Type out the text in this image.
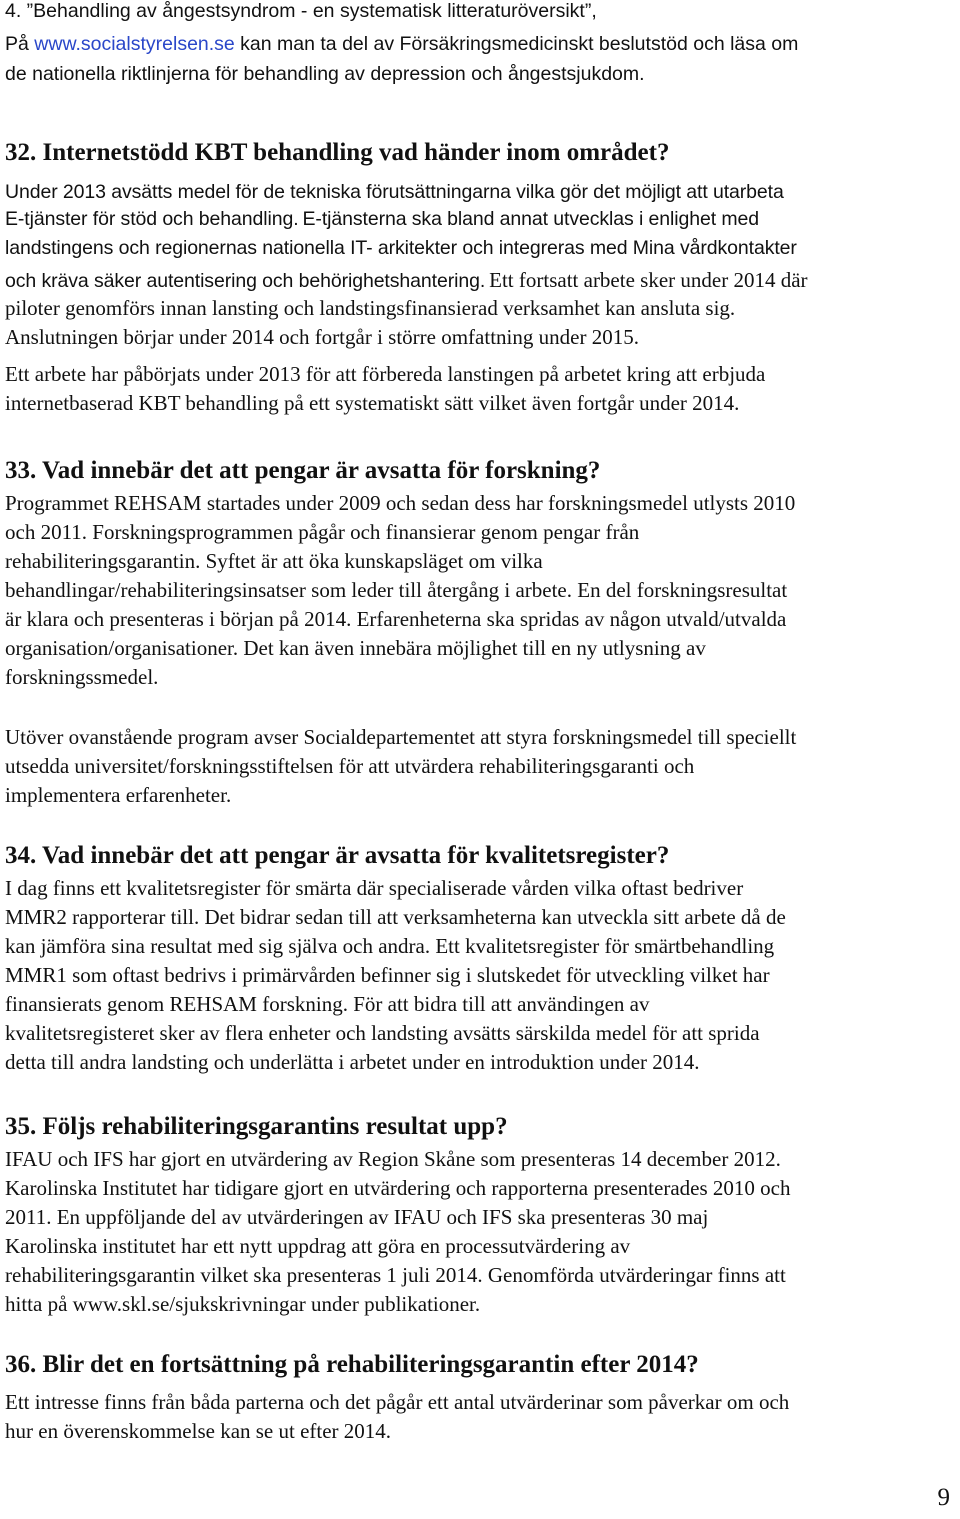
4. ”Behandling av ångestsyndrom - en systematisk litteraturöversikt”,
På www.socialstyrelsen.se kan man ta del av Försäkringsmedicinskt beslutstöd och läsa om
de nationella riktlinjerna för behandling av depression och ångestsjukdom.
32. Internetstödd KBT behandling vad händer inom området?
Under 2013 avsätts medel för de tekniska förutsättningarna vilka gör det möjligt att utarbeta
E-tjänster för stöd och behandling. E-tjänsterna ska bland annat utvecklas i enlighet med
landstingens och regionernas nationella IT- arkitekter och integreras med Mina vårdkontakter
och kräva säker autentisering och behörighetshantering. Ett fortsatt arbete sker under 2014 där
piloter genomförs innan lansting och landstingsfinansierad verksamhet kan ansluta sig.
Anslutningen börjar under 2014 och fortgår i större omfattning under 2015.
Ett arbete har påbörjats under 2013 för att förbereda lanstingen på arbetet kring att erbjuda
internetbaserad KBT behandling på ett systematiskt sätt vilket även fortgår under 2014.
33. Vad innebär det att pengar är avsatta för forskning?
Programmet REHSAM startades under 2009 och sedan dess har forskningsmedel utlysts 2010
och 2011. Forskningsprogrammen pågår och finansierar genom pengar från
rehabiliteringsgarantin. Syftet är att öka kunskapsläget om vilka
behandlingar/rehabiliteringsinsatser som leder till återgång i arbete. En del forskningsresultat
är klara och presenteras i början på 2014. Erfarenheterna ska spridas av någon utvald/utvalda
organisation/organisationer. Det kan även innebära möjlighet till en ny utlysning av
forskningssmedel.
Utöver ovanstående program avser Socialdepartementet att styra forskningsmedel till speciellt
utsedda universitet/forskningsstiftelsen för att utvärdera rehabiliteringsgaranti och
implementera erfarenheter.
34. Vad innebär det att pengar är avsatta för kvalitetsregister?
I dag finns ett kvalitetsregister för smärta där specialiserade vården vilka oftast bedriver
MMR2 rapporterar till. Det bidrar sedan till att verksamheterna kan utveckla sitt arbete då de
kan jämföra sina resultat med sig själva och andra. Ett kvalitetsregister för smärtbehandling
MMR1 som oftast bedrivs i primärvården befinner sig i slutskedet för utveckling vilket har
finansierats genom REHSAM forskning. För att bidra till att användingen av
kvalitetsregisteret sker av flera enheter och landsting avsätts särskilda medel för att sprida
detta till andra landsting och underlätta i arbetet under en introduktion under 2014.
35. Följs rehabiliteringsgarantins resultat upp?
IFAU och IFS har gjort en utvärdering av Region Skåne som presenteras 14 december 2012.
Karolinska Institutet har tidigare gjort en utvärdering och rapporterna presenterades 2010 och
2011. En uppföljande del av utvärderingen av IFAU och IFS ska presenteras 30 maj
Karolinska institutet har ett nytt uppdrag att göra en processutvärdering av
rehabiliteringsgarantin vilket ska presenteras 1 juli 2014. Genomförda utvärderingar finns att
hitta på www.skl.se/sjukskrivningar under publikationer.
36. Blir det en fortsättning på rehabiliteringsgarantin efter 2014?
Ett intresse finns från båda parterna och det pågår ett antal utvärderinar som påverkar om och
hur en överenskommelse kan se ut efter 2014.
9
